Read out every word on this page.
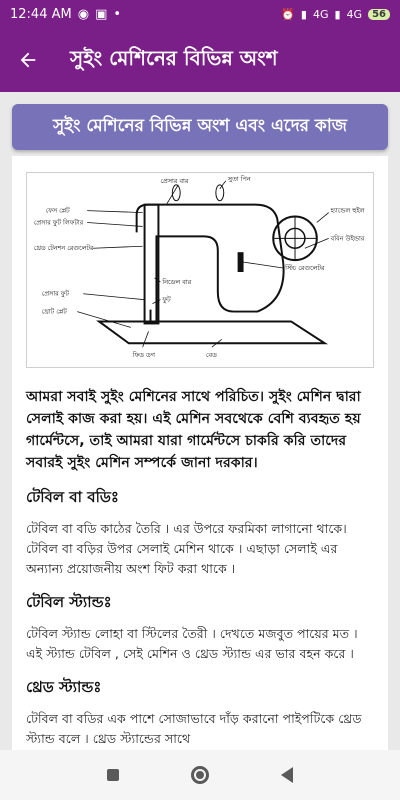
12:44 AM ◉ ▣ •	⏰ ▮ 4G ▮ 4G	56
সুইং মেশিনের বিভিন্ন অংশ
সুইং মেশিনের বিভিন্ন অংশ এবং এদের কাজ
প্রেসার বার	সুতা পিন
হ্যান্ডেল হুইল
ববিন উইন্ডার
স্টিচ রেগুলেটর
ফেস প্লেট
প্রেসার ফুট লিফটার
থ্রেড টেনশন রেগুলেটর
নিডেল বার
প্রেসার ফুট
ফুট
থ্রোট প্লেট
ফিড ডগ	বেড
আমরা সবাই সুইং মেশিনের সাথে পরিচিত। সুইং মেশিন দ্বারা সেলাই কাজ করা হয়। এই মেশিন সবথেকে বেশি ব্যবহৃত হয় গার্মেন্টসে, তাই আমরা যারা গার্মেন্টসে চাকরি করি তাদের সবারই সুইং মেশিন সম্পর্কে জানা দরকার।
টেবিল বা বডিঃ
টেবিল বা বডি কাঠের তৈরি । এর উপরে ফরমিকা লাগানো থাকে। টেবিল বা বড়ির উপর সেলাই মেশিন থাকে । এছাড়া সেলাই এর অন্যান্য প্রয়োজনীয় অংশ ফিট করা থাকে ।
টেবিল স্ট্যান্ডঃ
টেবিল স্ট্যান্ড লোহা বা স্টিলের তৈরী । দেখতে মজবুত পায়ের মত । এই স্ট্যান্ড টেবিল , সেই মেশিন ও থ্রেড স্ট্যান্ড এর ভার বহন করে ।
থ্রেড স্ট্যান্ডঃ
টেবিল বা বডির এক পাশে সোজাভাবে দাঁড় করানো পাইপটিকে থ্রেড স্ট্যান্ড বলে । থ্রেড স্ট্যান্ডের সাথে
